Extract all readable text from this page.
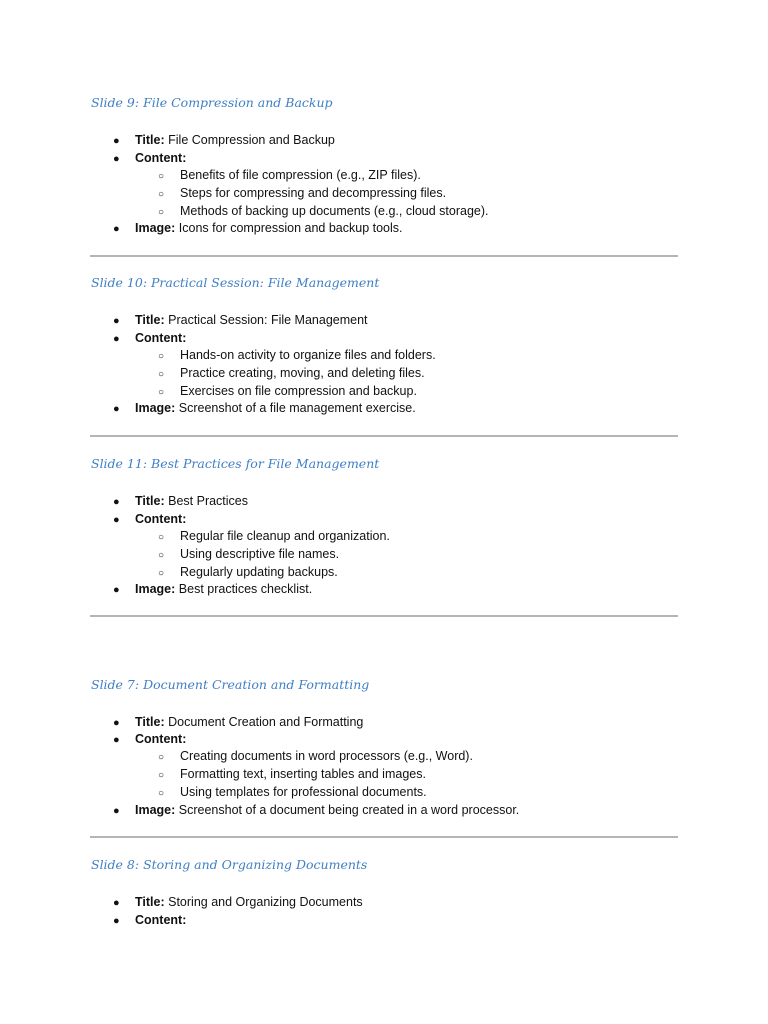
Slide 9: File Compression and Backup
● Title: File Compression and Backup
● Content:
○ Benefits of file compression (e.g., ZIP files).
○ Steps for compressing and decompressing files.
○ Methods of backing up documents (e.g., cloud storage).
● Image: Icons for compression and backup tools.
Slide 10: Practical Session: File Management
● Title: Practical Session: File Management
● Content:
○ Hands-on activity to organize files and folders.
○ Practice creating, moving, and deleting files.
○ Exercises on file compression and backup.
● Image: Screenshot of a file management exercise.
Slide 11: Best Practices for File Management
● Title: Best Practices
● Content:
○ Regular file cleanup and organization.
○ Using descriptive file names.
○ Regularly updating backups.
● Image: Best practices checklist.
Slide 7: Document Creation and Formatting
● Title: Document Creation and Formatting
● Content:
○ Creating documents in word processors (e.g., Word).
○ Formatting text, inserting tables and images.
○ Using templates for professional documents.
● Image: Screenshot of a document being created in a word processor.
Slide 8: Storing and Organizing Documents
● Title: Storing and Organizing Documents
● Content:
